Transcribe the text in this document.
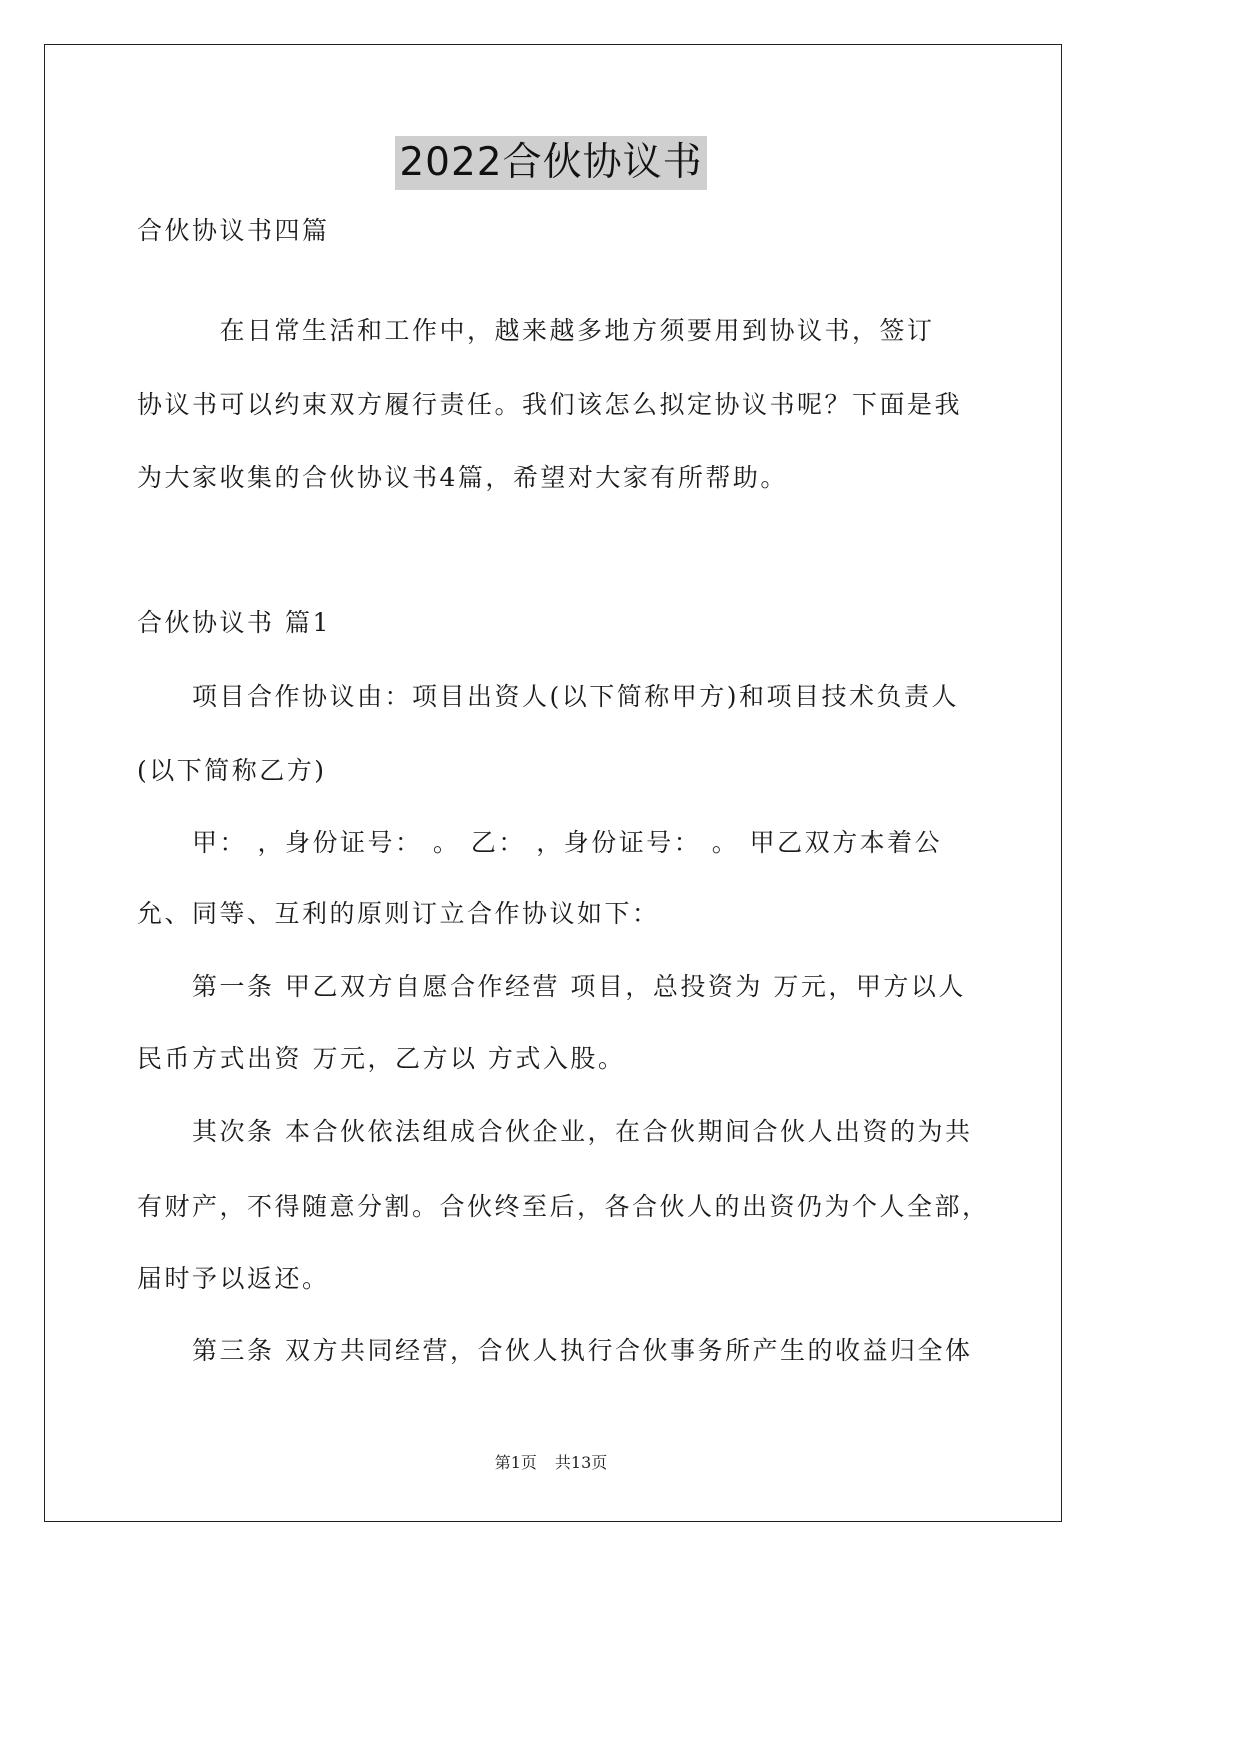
2022合伙协议书
合伙协议书四篇
　　　在日常生活和工作中，越来越多地方须要用到协议书，签订
协议书可以约束双方履行责任。我们该怎么拟定协议书呢？下面是我
为大家收集的合伙协议书4篇，希望对大家有所帮助。
合伙协议书 篇1
　　项目合作协议由：项目出资人(以下简称甲方)和项目技术负责人
(以下简称乙方)
　　甲： ，身份证号： 。 乙： ，身份证号： 。 甲乙双方本着公
允、同等、互利的原则订立合作协议如下：
　　第一条 甲乙双方自愿合作经营 项目，总投资为 万元，甲方以人
民币方式出资 万元，乙方以 方式入股。
　　其次条 本合伙依法组成合伙企业，在合伙期间合伙人出资的为共
有财产，不得随意分割。合伙终至后，各合伙人的出资仍为个人全部，
届时予以返还。
　　第三条 双方共同经营，合伙人执行合伙事务所产生的收益归全体
第1页 共13页
